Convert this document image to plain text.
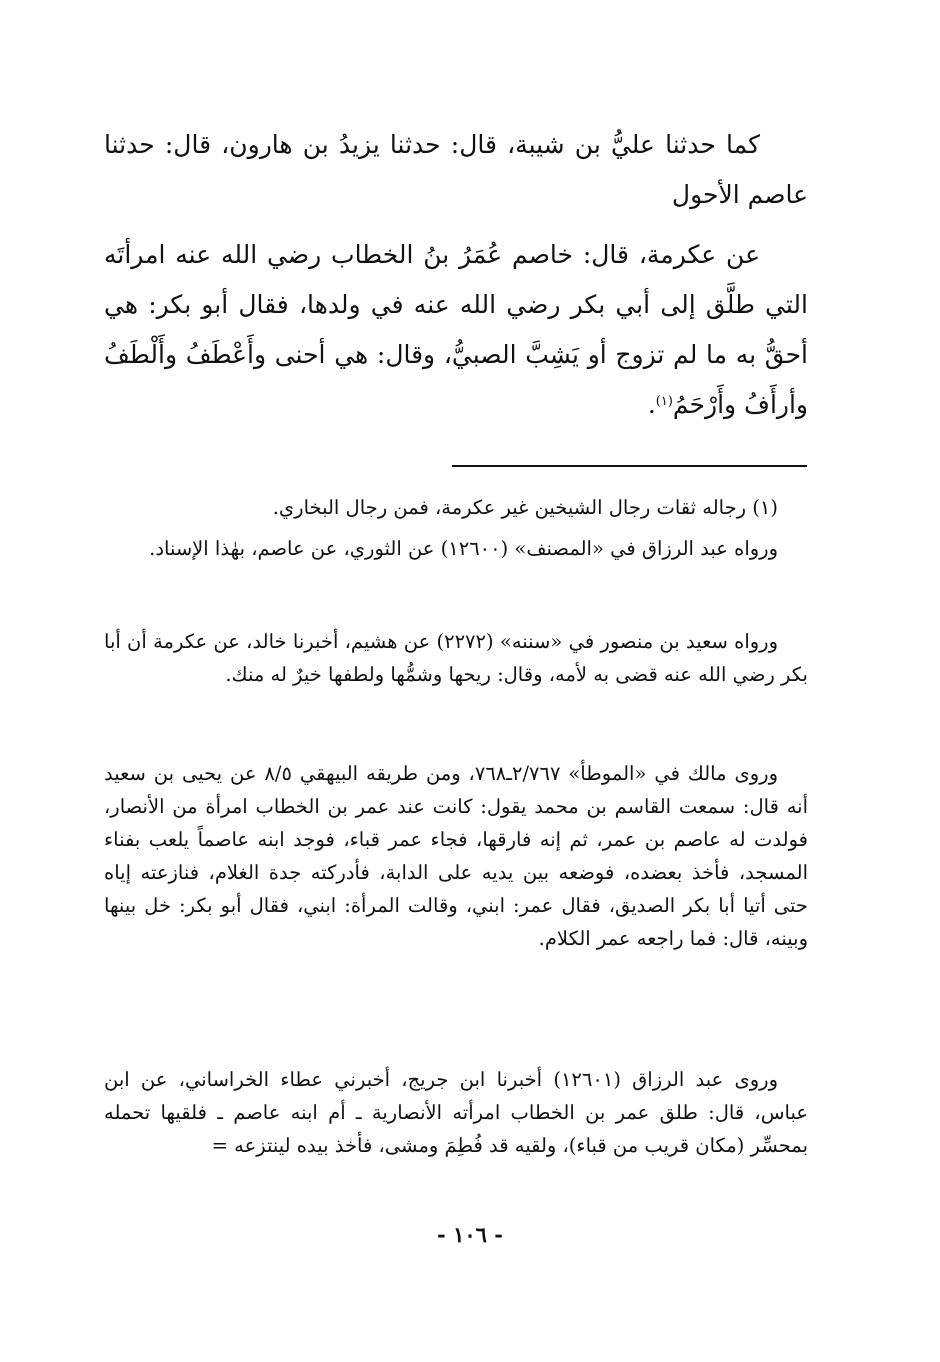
كما حدثنا عليُّ بن شيبة، قال: حدثنا يزيدُ بن هارون، قال: حدثنا عاصم الأحول

عن عكرمة، قال: خاصم عُمَرُ بنُ الخطاب رضي الله عنه امرأتَه التي طلَّق إلى أبي بكر رضي الله عنه في ولدها، فقال أبو بكر: هي أحقُّ به ما لم تزوج أو يَشِبَّ الصبيُّ، وقال: هي أحنى وأَعْطَفُ وأَلْطَفُ وأرأَفُ وأَرْحَمُ$^{(١)}$.

(١) رجاله ثقات رجال الشيخين غير عكرمة، فمن رجال البخاري.

ورواه عبد الرزاق في «المصنف» (١٢٦٠٠) عن الثوري، عن عاصم، بهٰذا الإسناد.

ورواه سعيد بن منصور في «سننه» (٢٢٧٢) عن هشيم، أخبرنا خالد، عن عكرمة أن أبا بكر رضي الله عنه قضى به لأمه، وقال: ريحها وشمُّها ولطفها خيرٌ له منك.

وروى مالك في «الموطأ» ٢/٧٦٧ـ٧٦٨، ومن طريقه البيهقي ٨/٥ عن يحيى بن سعيد أنه قال: سمعت القاسم بن محمد يقول: كانت عند عمر بن الخطاب امرأة من الأنصار، فولدت له عاصم بن عمر، ثم إنه فارقها، فجاء عمر قباء، فوجد ابنه عاصماً يلعب بفناء المسجد، فأخذ بعضده، فوضعه بين يديه على الدابة، فأدركته جدة الغلام، فنازعته إياه حتى أتيا أبا بكر الصديق، فقال عمر: ابني، وقالت المرأة: ابني، فقال أبو بكر: خل بينها وبينه، قال: فما راجعه عمر الكلام.

وروى عبد الرزاق (١٢٦٠١) أخبرنا ابن جريج، أخبرني عطاء الخراساني، عن ابن عباس، قال: طلق عمر بن الخطاب امرأته الأنصارية ـ أم ابنه عاصم ـ فلقيها تحمله بمحسِّر (مكان قريب من قباء)، ولقيه قد فُطِمَ ومشى، فأخذ بيده لينتزعه =

- ١٠٦ -
